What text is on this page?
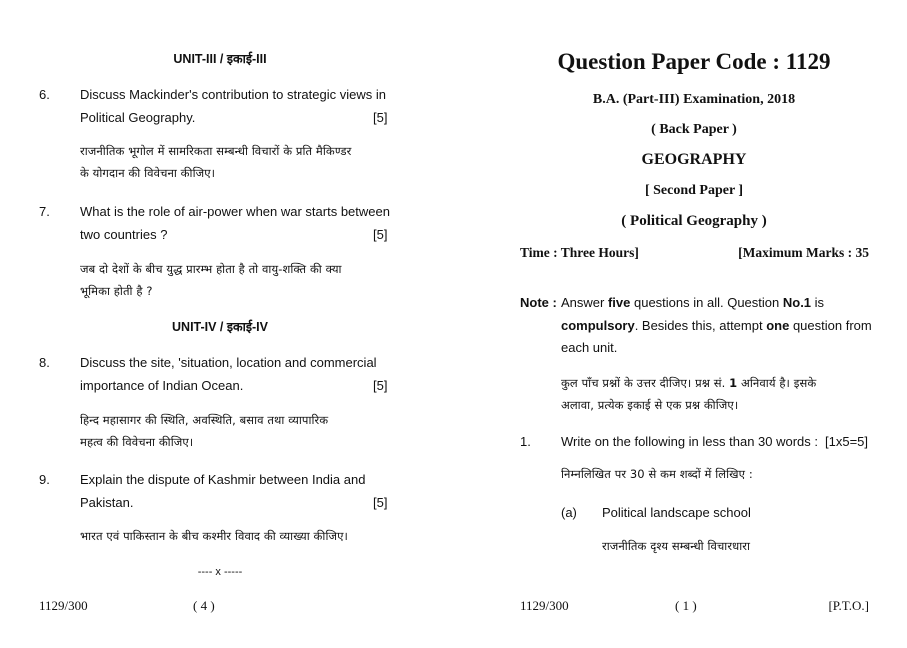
UNIT-III / इकाई-III
6. Discuss Mackinder's contribution to strategic views in
Political Geography.	[5]
राजनीतिक भूगोल में सामरिकता सम्बन्धी विचारों के प्रति मैकिण्डर
के योगदान की विवेचना कीजिए।
7. What is the role of air-power when war starts between
two countries ?	[5]
जब दो देशों के बीच युद्ध प्रारम्भ होता है तो वायु-शक्ति की क्या
भूमिका होती है ?
UNIT-IV / इकाई-IV
8. Discuss the site, 'situation, location and commercial
importance of Indian Ocean.	[5]
हिन्द महासागर की स्थिति, अवस्थिति, बसाव तथा व्यापारिक
महत्व की विवेचना कीजिए।
9. Explain the dispute of Kashmir between India and
Pakistan.	[5]
भारत एवं पाकिस्तान के बीच कश्मीर विवाद की व्याख्या कीजिए।
---- x -----
1129/300	( 4 )
Question Paper Code : 1129
B.A. (Part-III) Examination, 2018
( Back Paper )
GEOGRAPHY
[ Second Paper ]
( Political Geography )
Time : Three Hours]	[Maximum Marks : 35
Note : Answer five questions in all. Question No.1 is
compulsory. Besides this, attempt one question from
each unit.
कुल पाँच प्रश्नों के उत्तर दीजिए। प्रश्न सं. 1 अनिवार्य है। इसके
अलावा, प्रत्येक इकाई से एक प्रश्न कीजिए।
1. Write on the following in less than 30 words : [1x5=5]
निम्नलिखित पर 30 से कम शब्दों में लिखिए :
(a) Political landscape school
राजनीतिक दृश्य सम्बन्धी विचारधारा
1129/300	( 1 )	[P.T.O.]
